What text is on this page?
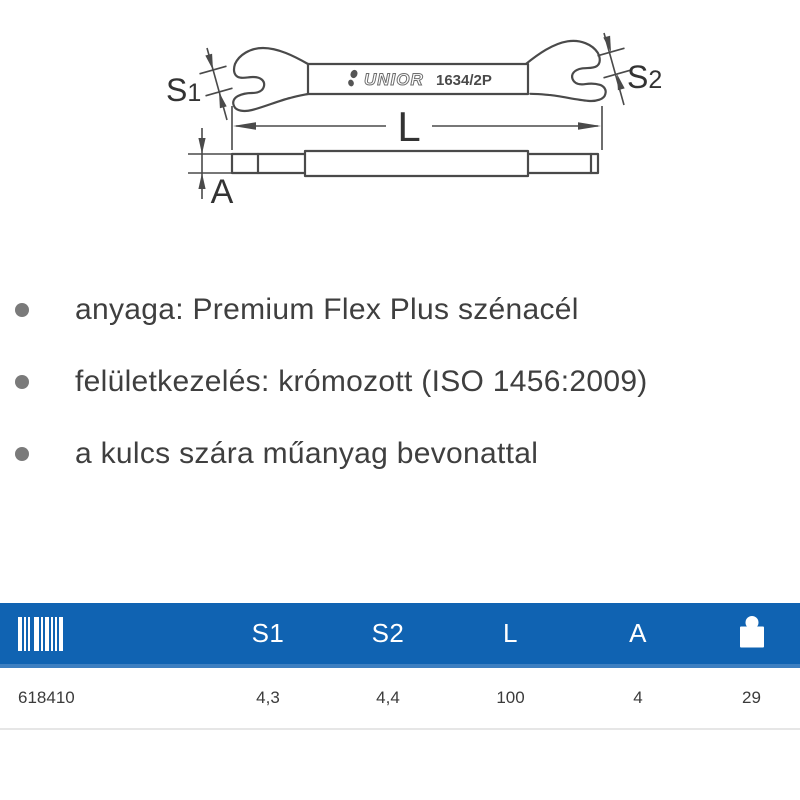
S1	S2
L
A
UNIOR 1634/2P
anyaga: Premium Flex Plus szénacél
felületkezelés: krómozott (ISO 1456:2009)
a kulcs szára műanyag bevonattal
S1	S2	L	A
618410	4,3	4,4	100	4	29
